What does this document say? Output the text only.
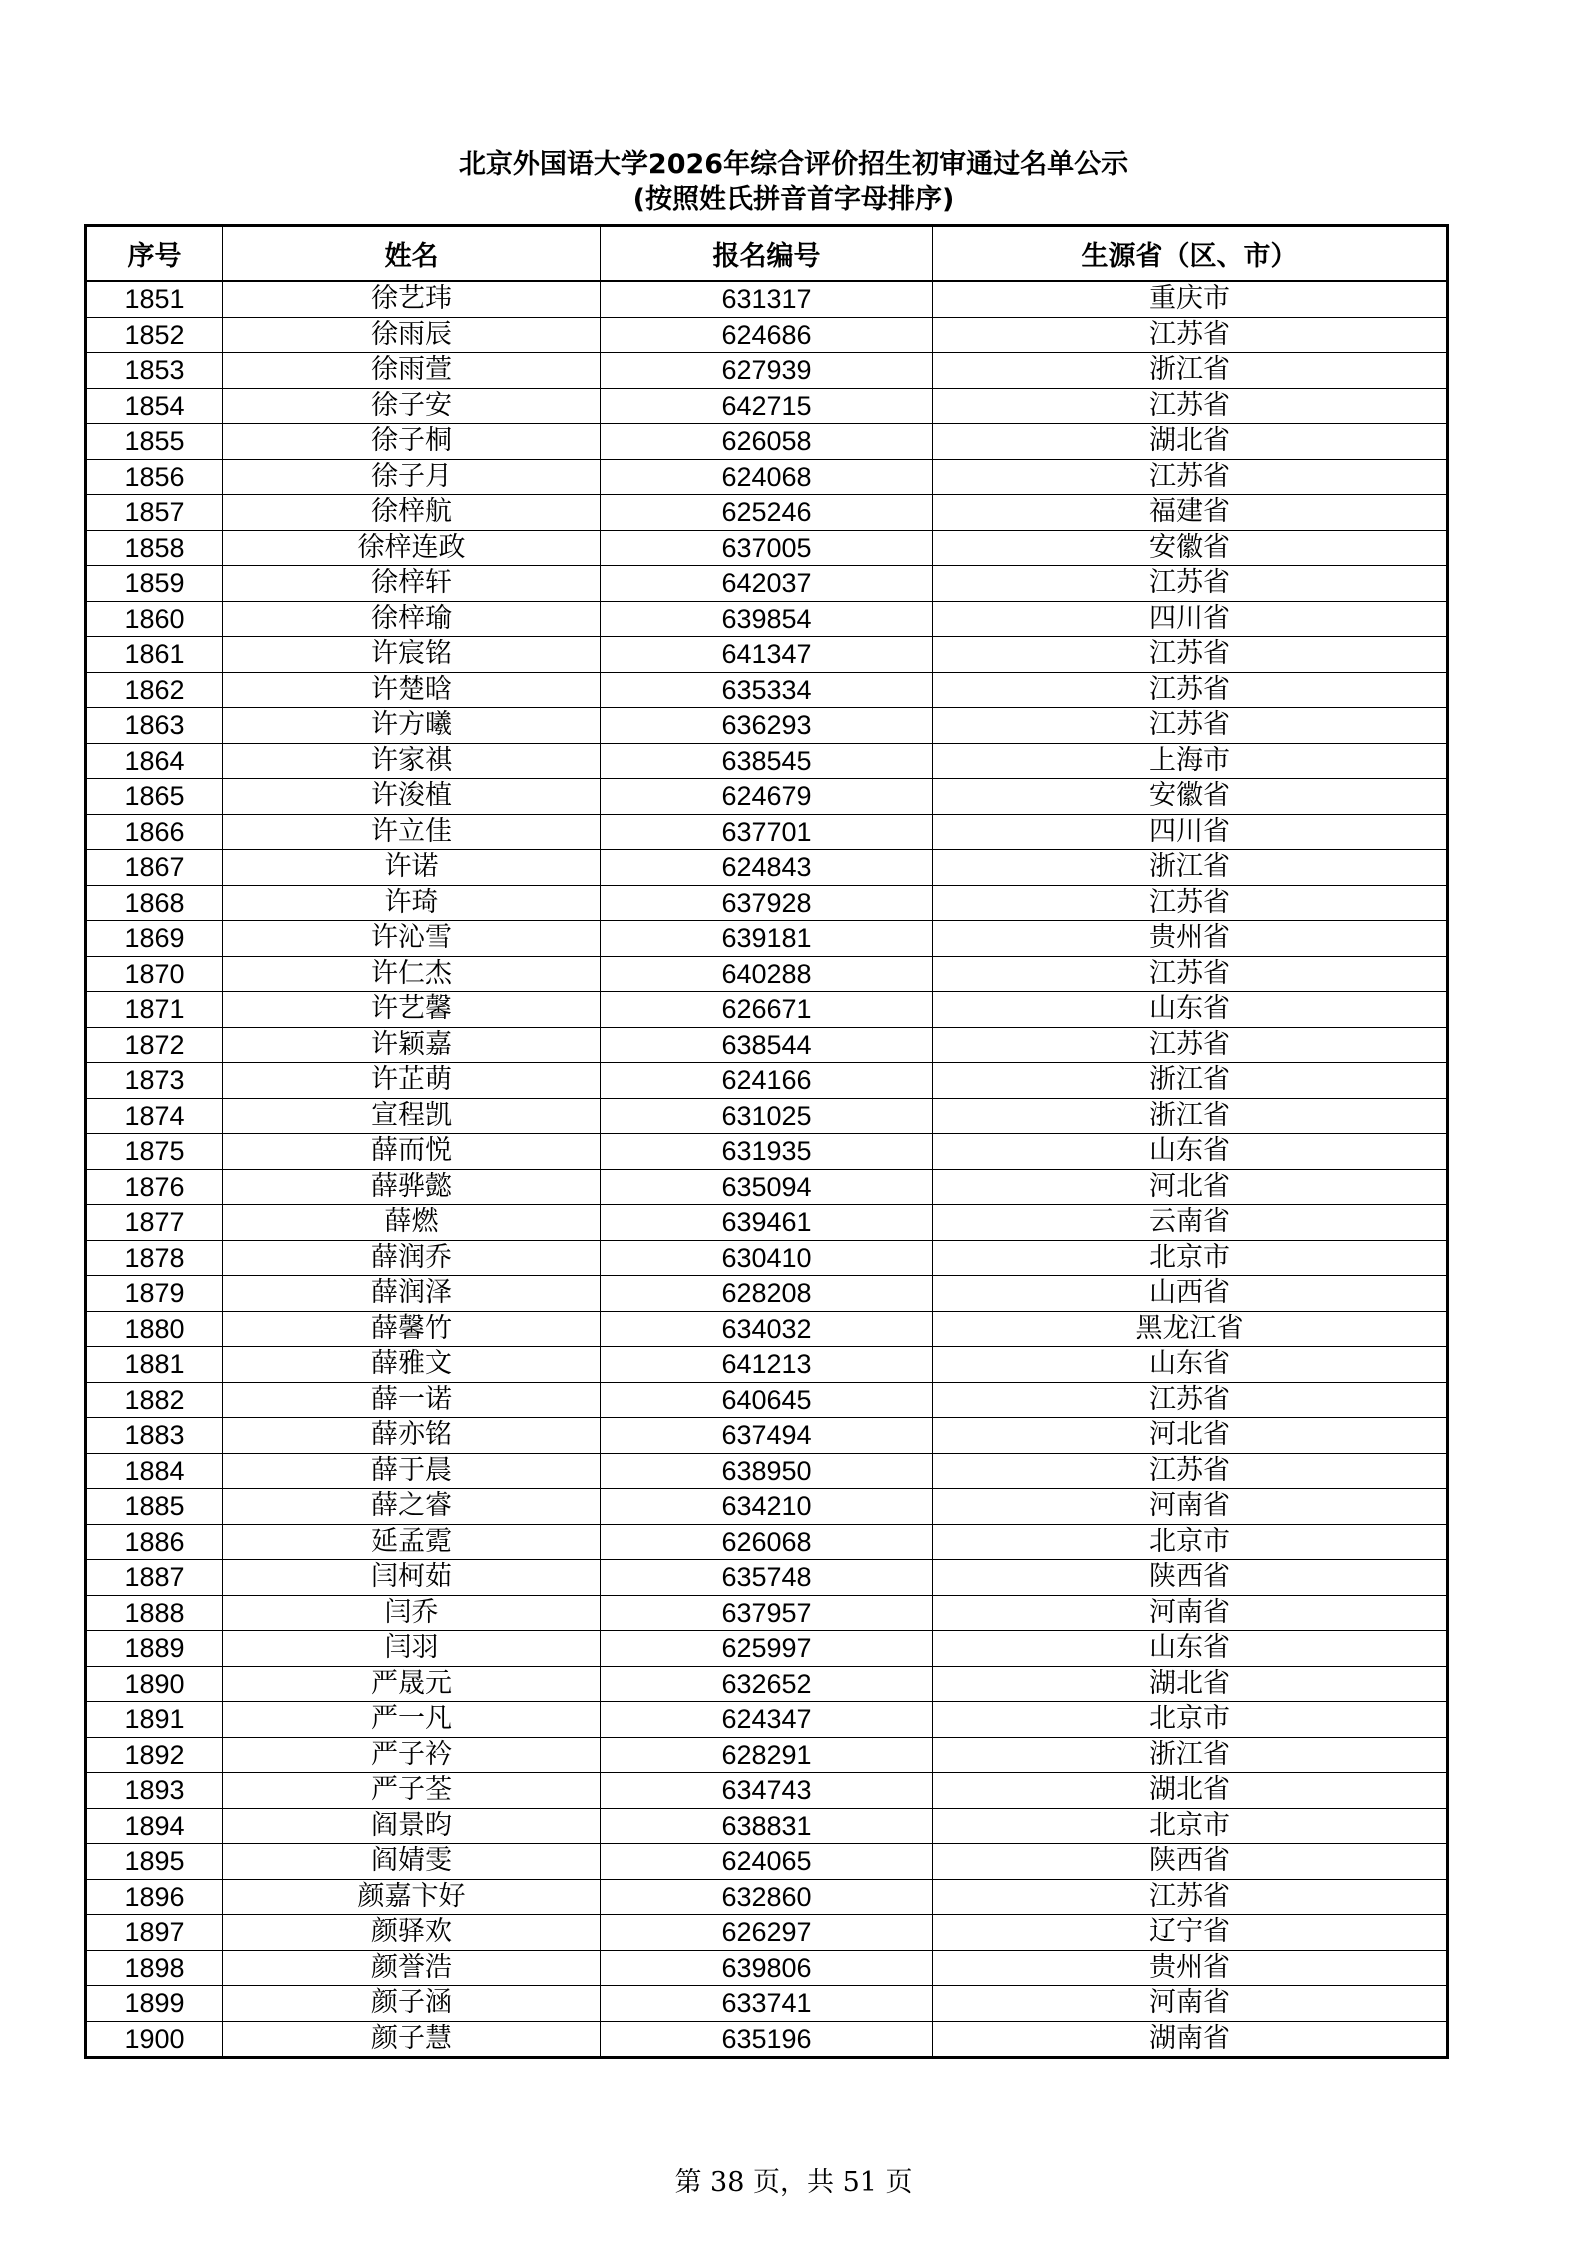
北京外国语大学2026年综合评价招生初审通过名单公示
(按照姓氏拼音首字母排序)
序号	姓名	报名编号	生源省（区、市）
1851	徐艺玮	631317	重庆市
1852	徐雨辰	624686	江苏省
1853	徐雨萱	627939	浙江省
1854	徐子安	642715	江苏省
1855	徐子桐	626058	湖北省
1856	徐子月	624068	江苏省
1857	徐梓航	625246	福建省
1858	徐梓连政	637005	安徽省
1859	徐梓轩	642037	江苏省
1860	徐梓瑜	639854	四川省
1861	许宸铭	641347	江苏省
1862	许楚晗	635334	江苏省
1863	许方曦	636293	江苏省
1864	许家祺	638545	上海市
1865	许浚植	624679	安徽省
1866	许立佳	637701	四川省
1867	许诺	624843	浙江省
1868	许琦	637928	江苏省
1869	许沁雪	639181	贵州省
1870	许仁杰	640288	江苏省
1871	许艺馨	626671	山东省
1872	许颖嘉	638544	江苏省
1873	许芷萌	624166	浙江省
1874	宣程凯	631025	浙江省
1875	薛而悦	631935	山东省
1876	薛骅懿	635094	河北省
1877	薛燃	639461	云南省
1878	薛润乔	630410	北京市
1879	薛润泽	628208	山西省
1880	薛馨竹	634032	黑龙江省
1881	薛雅文	641213	山东省
1882	薛一诺	640645	江苏省
1883	薛亦铭	637494	河北省
1884	薛于晨	638950	江苏省
1885	薛之睿	634210	河南省
1886	延孟霓	626068	北京市
1887	闫柯茹	635748	陕西省
1888	闫乔	637957	河南省
1889	闫羽	625997	山东省
1890	严晟元	632652	湖北省
1891	严一凡	624347	北京市
1892	严子衿	628291	浙江省
1893	严子荃	634743	湖北省
1894	阎景昀	638831	北京市
1895	阎婧雯	624065	陕西省
1896	颜嘉卞好	632860	江苏省
1897	颜驿欢	626297	辽宁省
1898	颜誉浩	639806	贵州省
1899	颜子涵	633741	河南省
1900	颜子慧	635196	湖南省
第 38 页，共 51 页
